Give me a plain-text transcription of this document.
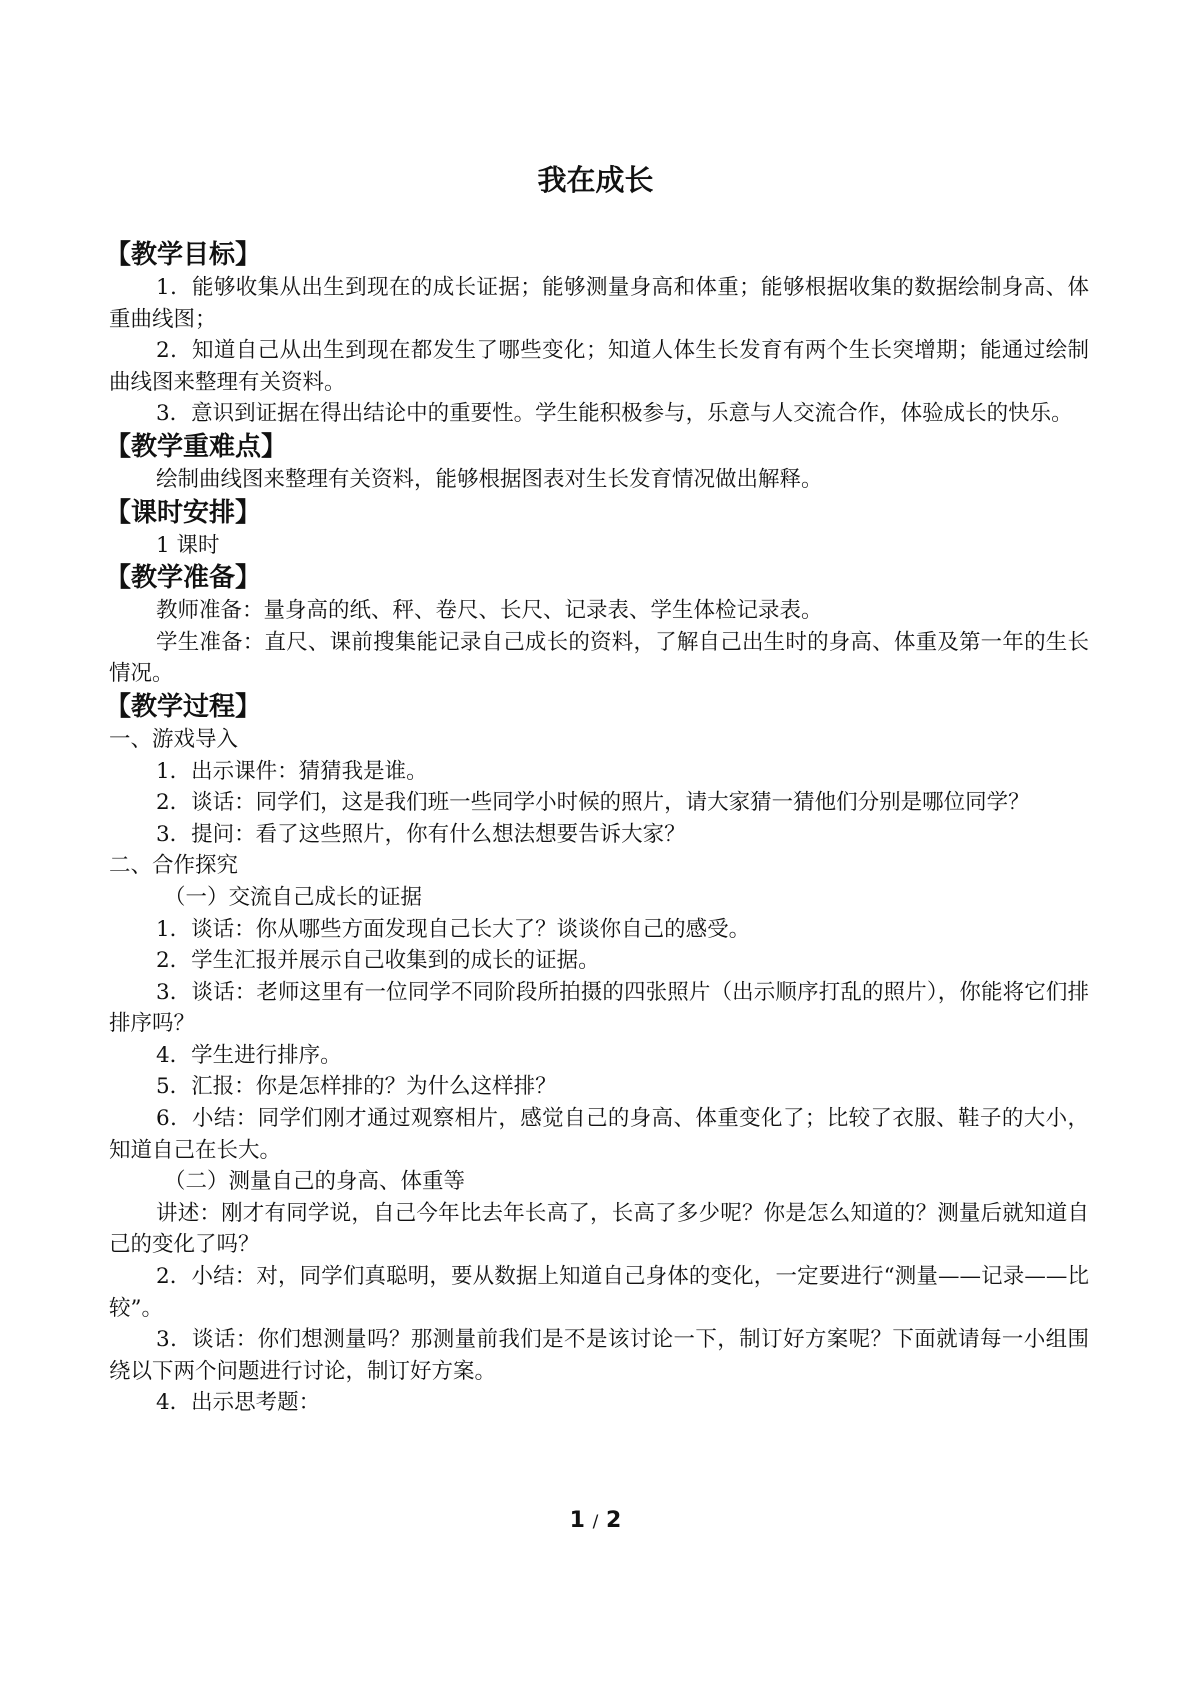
我在成长
【教学目标】

1．能够收集从出生到现在的成长证据；能够测量身高和体重；能够根据收集的数据绘制身高、体重曲线图；

2．知道自己从出生到现在都发生了哪些变化；知道人体生长发育有两个生长突增期；能通过绘制曲线图来整理有关资料。

3．意识到证据在得出结论中的重要性。学生能积极参与，乐意与人交流合作，体验成长的快乐。

【教学重难点】

绘制曲线图来整理有关资料，能够根据图表对生长发育情况做出解释。

【课时安排】

1 课时

【教学准备】

教师准备：量身高的纸、秤、卷尺、长尺、记录表、学生体检记录表。

学生准备：直尺、课前搜集能记录自己成长的资料，了解自己出生时的身高、体重及第一年的生长情况。

【教学过程】

一、游戏导入

1．出示课件：猜猜我是谁。

2．谈话：同学们，这是我们班一些同学小时候的照片，请大家猜一猜他们分别是哪位同学？

3．提问：看了这些照片，你有什么想法想要告诉大家？

二、合作探究

（一）交流自己成长的证据

1．谈话：你从哪些方面发现自己长大了？谈谈你自己的感受。

2．学生汇报并展示自己收集到的成长的证据。

3．谈话：老师这里有一位同学不同阶段所拍摄的四张照片（出示顺序打乱的照片），你能将它们排排序吗？

4．学生进行排序。

5．汇报：你是怎样排的？为什么这样排？

6．小结：同学们刚才通过观察相片，感觉自己的身高、体重变化了；比较了衣服、鞋子的大小，知道自己在长大。

（二）测量自己的身高、体重等

讲述：刚才有同学说，自己今年比去年长高了，长高了多少呢？你是怎么知道的？测量后就知道自己的变化了吗？

2．小结：对，同学们真聪明，要从数据上知道自己身体的变化，一定要进行“测量——记录——比较”。

3．谈话：你们想测量吗？那测量前我们是不是该讨论一下，制订好方案呢？下面就请每一小组围绕以下两个问题进行讨论，制订好方案。

4．出示思考题：

1 / 2
